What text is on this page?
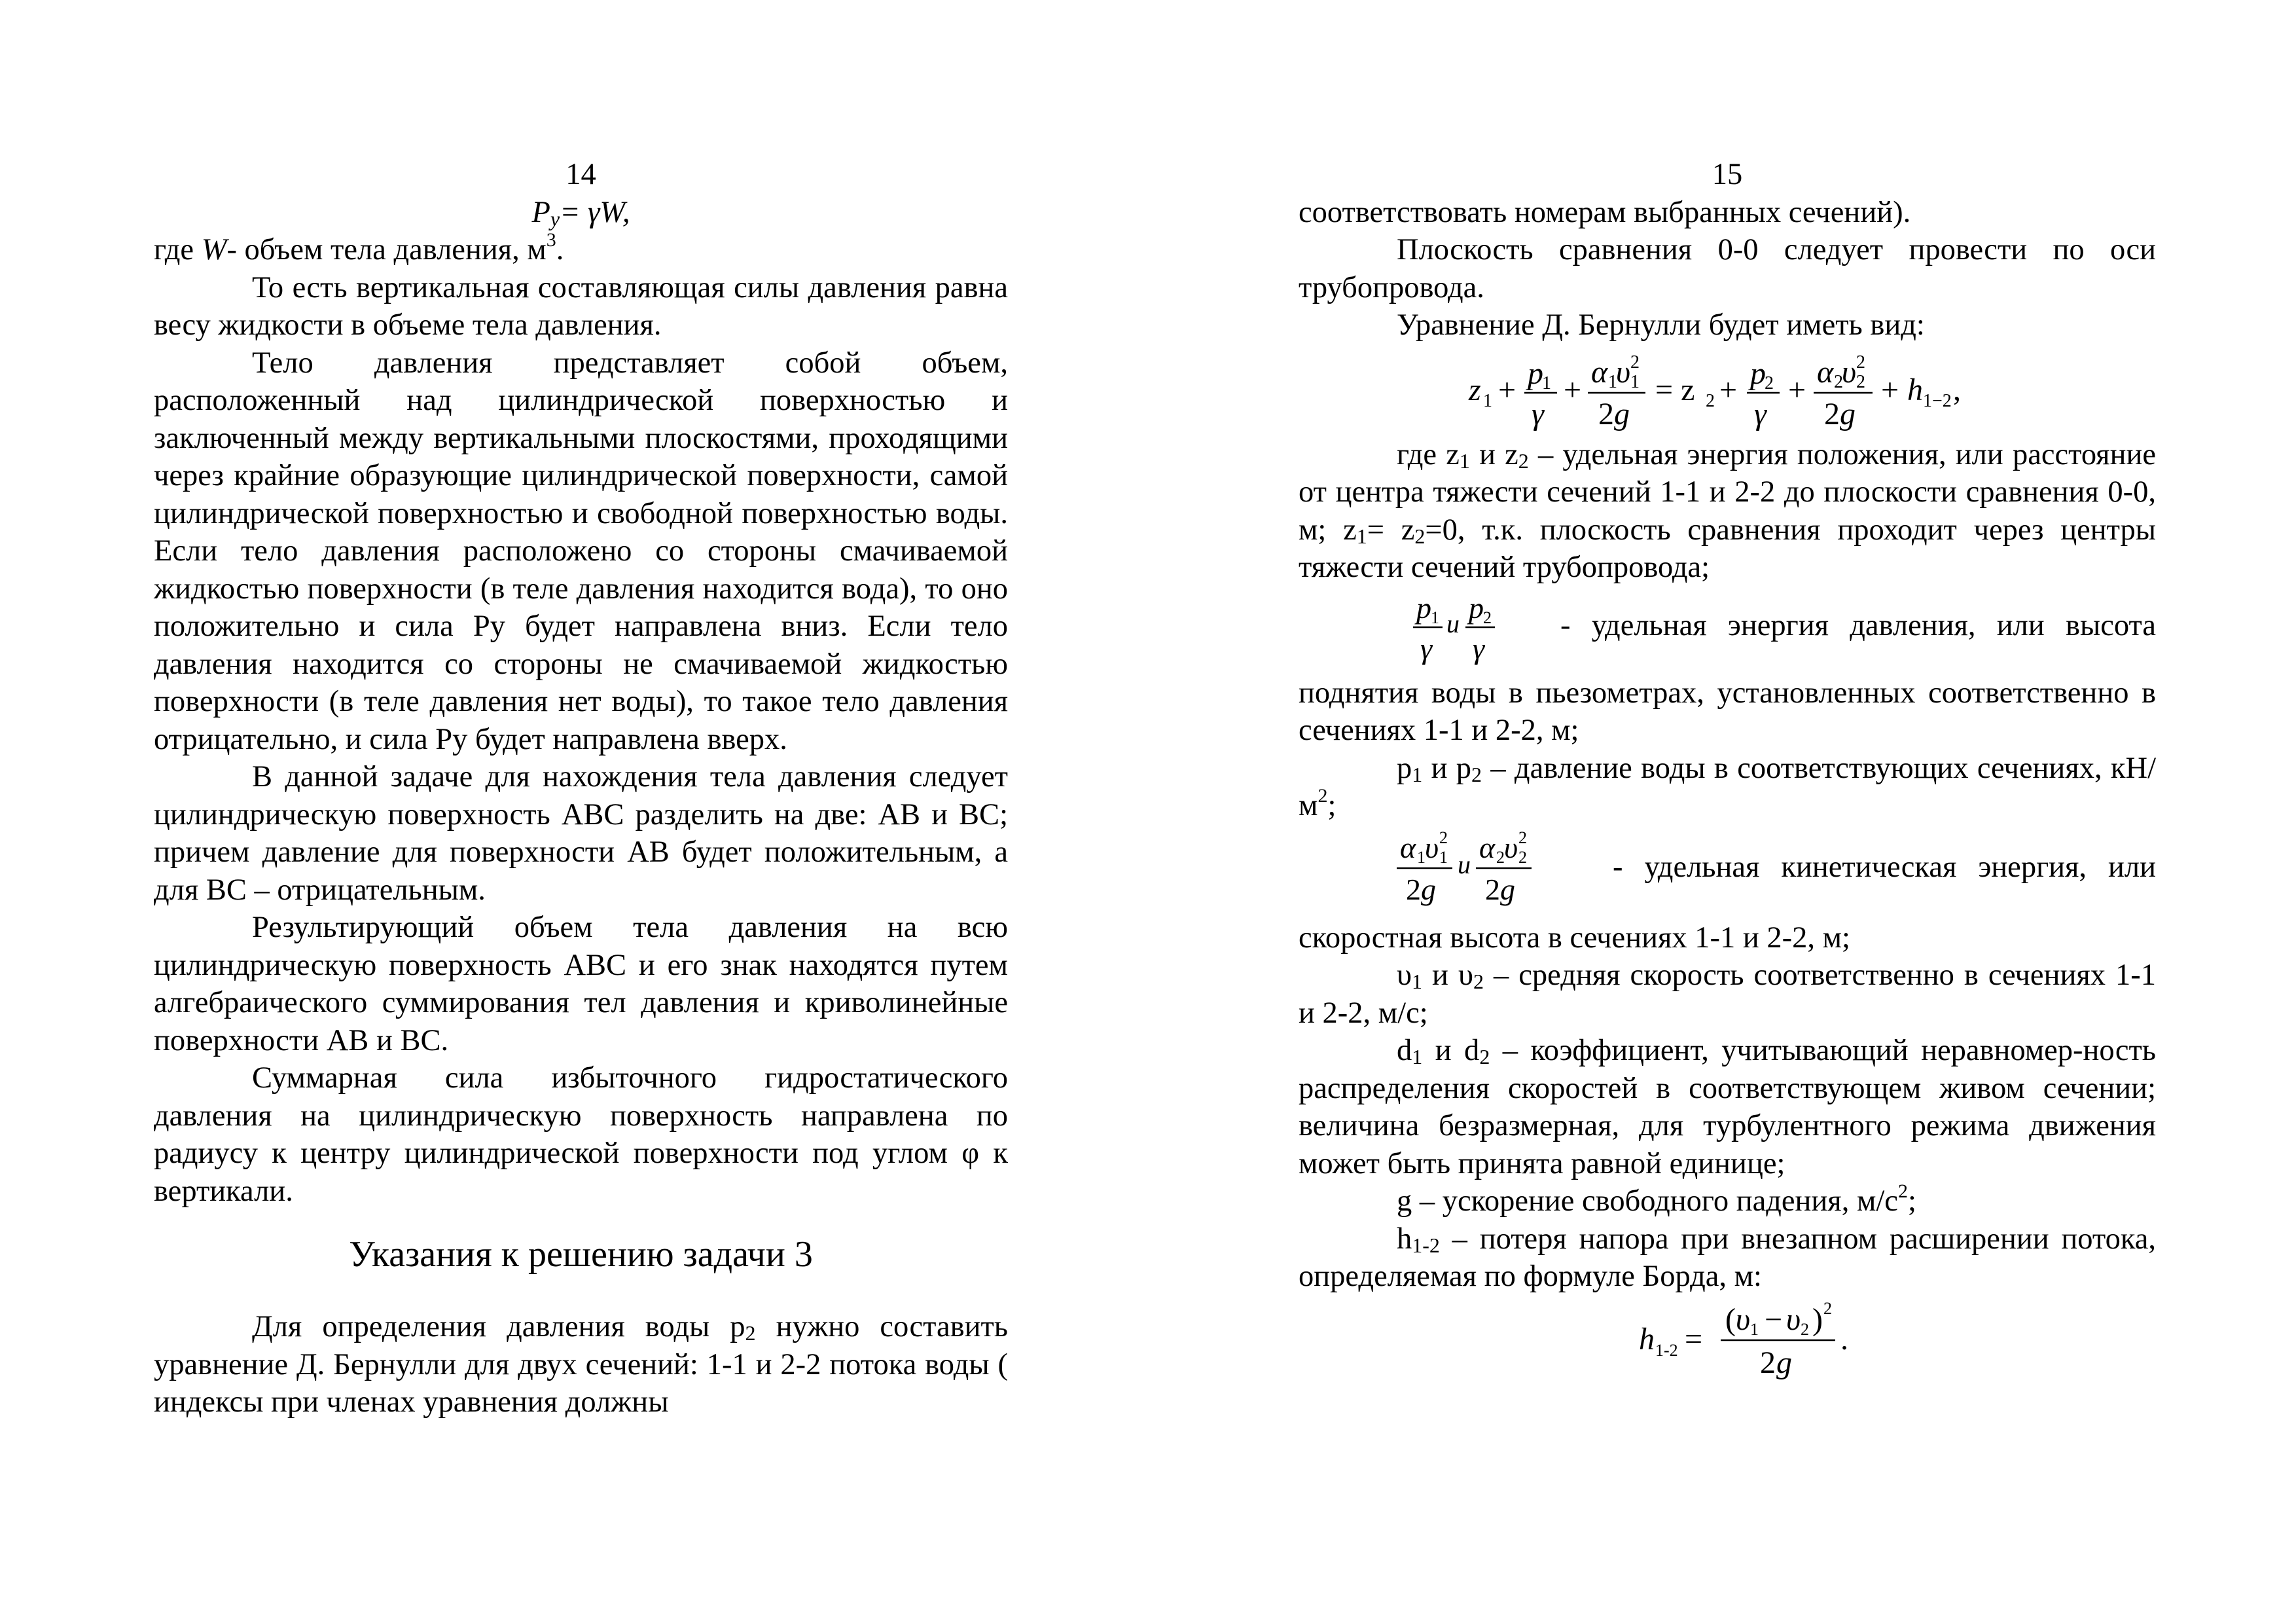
14

$P_y= \gamma W$,

где W- объем тела давления, $м^3$.

То есть вертикальная составляющая силы давления равна весу жидкости в объеме тела давления.

Тело давления представляет собой объем, расположенный над цилиндрической поверхностью и заключенный между вертикальными плоскостями, проходящими через крайние образующие цилиндрической поверхности, самой цилиндрической поверхностью и свободной поверхностью воды. Если тело давления расположено со стороны смачиваемой жидкостью поверхности (в теле давления находится вода), то оно положительно и сила Ру будет направлена вниз. Если тело давления находится со стороны не смачиваемой жидкостью поверхности (в теле давления нет воды), то такое тело давления отрицательно, и сила Ру будет направлена вверх.

В данной задаче для нахождения тела давления следует цилиндрическую поверхность АВС разделить на две: АВ и ВС; причем давление для поверхности АВ будет положительным, а для ВС – отрицательным.

Результирующий объем тела давления на всю цилиндрическую поверхность АВС и его знак находятся путем алгебраического суммирования тел давления и криволинейные поверхности АВ и ВС.

Суммарная сила избыточного гидростатического давления на цилиндрическую поверхность направлена по радиусу к центру цилиндрической поверхности под углом φ к вертикали.

Указания к решению задачи 3

Для определения давления воды $p_2$ нужно составить уравнение Д. Бернулли для двух сечений: 1-1 и 2-2 потока воды ( индексы при членах уравнения должны

15

соответствовать номерам выбранных сечений).

Плоскость сравнения 0-0 следует провести по оси трубопровода.

Уравнение Д. Бернулли будет иметь вид:

z 1 + p
1
γ
+
α 1
υ 1
2
2 g
= z 2 + p
2
γ
+
α 2
υ 2
2
2 g
+ h 1−2 ,

где $z_1$ и $z_2$ – удельная энергия положения, или расстояние от центра тяжести сечений 1-1 и 2-2 до плоскости сравнения 0-0, м; $z_1= z_2=0$, т.к. плоскость сравнения проходит через центры тяжести сечений трубопровода;

p 1
γ
u p 2
γ
- удельная энергия давления, или высота

поднятия воды в пьезометрах, установленных соответственно в сечениях 1-1 и 2-2, м;

$p_1$ и $p_2$ – давление воды в соответствующих сечениях, $кН/м^2$;

α 1 υ 1
2
2 g
и
α 2 υ 2
2
2 g
- удельная кинетическая энергия, или

скоростная высота в сечениях 1-1 и 2-2, м;

$\upsilon_1$ и $\upsilon_2$ – средняя скорость соответственно в сечениях 1-1 и 2-2, м/с;

$d_1$ и $d_2$ – коэффициент, учитывающий неравномер-ность распределения скоростей в соответствующем живом сечении; величина безразмерная, для турбулентного режима движения может быть принята равной единице;

g – ускорение свободного падения, $м/с^2$;

$h_{1-2}$ – потеря напора при внезапном расширении потока, определяемая по формуле Борда, м:

h 1-2 =
( υ 1 − υ 2 ) 2
2 g
.
